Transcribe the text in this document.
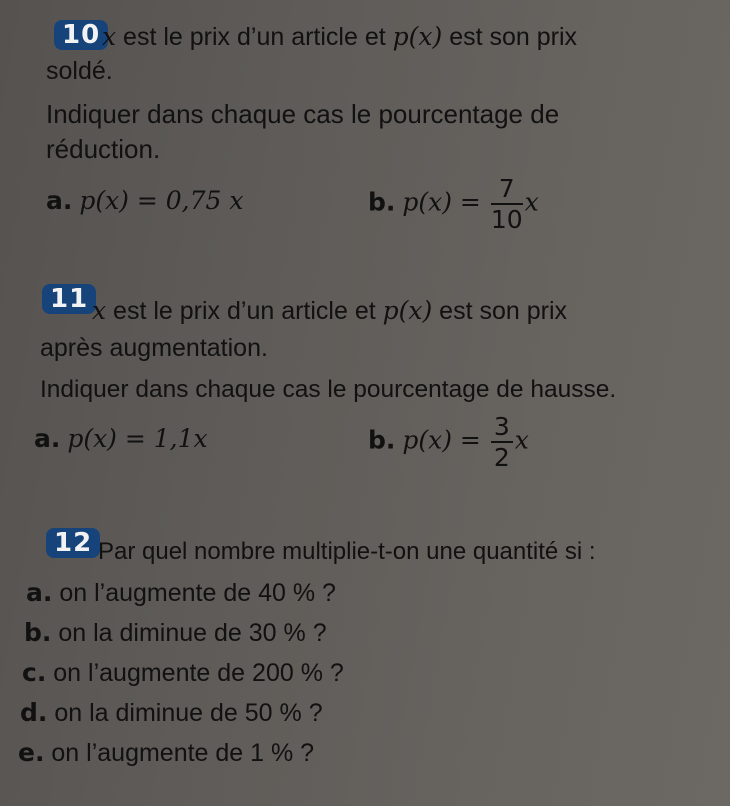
10 x est le prix d’un article et p(x) est son prix
soldé.
Indiquer dans chaque cas le pourcentage de
réduction.
a. p(x) = 0,75 x	b. $p(x) = \frac{7}{10}$ x
11 x est le prix d’un article et p(x) est son prix
après augmentation.
Indiquer dans chaque cas le pourcentage de hausse.
a. p(x) = 1,1x	b. $p(x) = \frac{3}{2}$ x
12 Par quel nombre multiplie-t-on une quantité si :
a. on l’augmente de 40 % ?
b. on la diminue de 30 % ?
c. on l’augmente de 200 % ?
d. on la diminue de 50 % ?
e. on l’augmente de 1 % ?
